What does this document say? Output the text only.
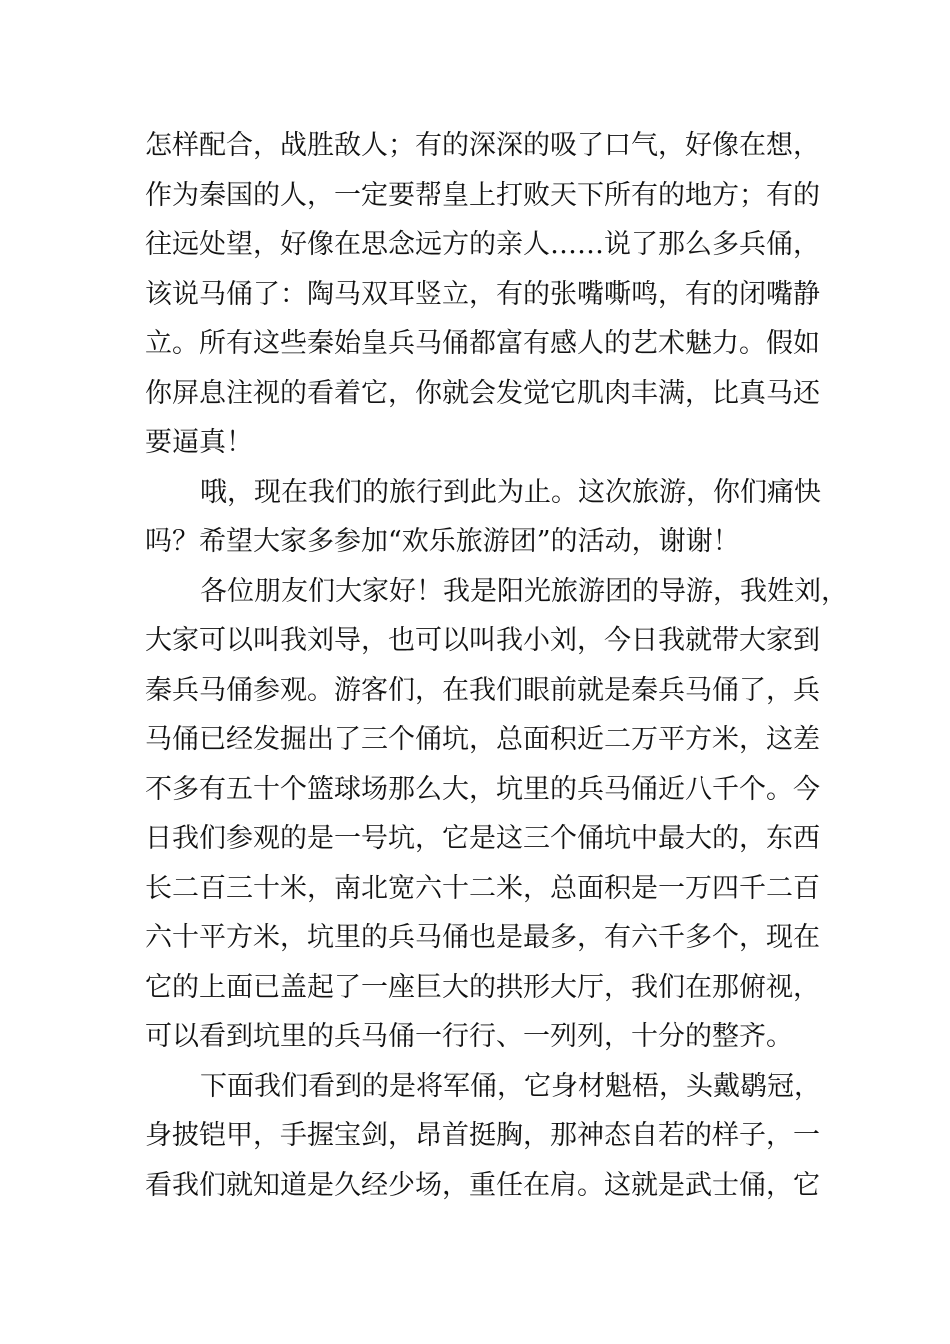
怎样配合，战胜敌人；有的深深的吸了口气，好像在想，
作为秦国的人，一定要帮皇上打败天下所有的地方；有的
往远处望，好像在思念远方的亲人……说了那么多兵俑，
该说马俑了：陶马双耳竖立，有的张嘴嘶鸣，有的闭嘴静
立。所有这些秦始皇兵马俑都富有感人的艺术魅力。假如
你屏息注视的看着它，你就会发觉它肌肉丰满，比真马还
要逼真！
哦，现在我们的旅行到此为止。这次旅游，你们痛快
吗？希望大家多参加“欢乐旅游团”的活动，谢谢！
各位朋友们大家好！我是阳光旅游团的导游，我姓刘，
大家可以叫我刘导，也可以叫我小刘，今日我就带大家到
秦兵马俑参观。游客们，在我们眼前就是秦兵马俑了，兵
马俑已经发掘出了三个俑坑，总面积近二万平方米，这差
不多有五十个篮球场那么大，坑里的兵马俑近八千个。今
日我们参观的是一号坑，它是这三个俑坑中最大的，东西
长二百三十米，南北宽六十二米，总面积是一万四千二百
六十平方米，坑里的兵马俑也是最多，有六千多个，现在
它的上面已盖起了一座巨大的拱形大厅，我们在那俯视，
可以看到坑里的兵马俑一行行、一列列，十分的整齐。
下面我们看到的是将军俑，它身材魁梧，头戴鹖冠，
身披铠甲，手握宝剑，昂首挺胸，那神态自若的样子，一
看我们就知道是久经少场，重任在肩。这就是武士俑，它
